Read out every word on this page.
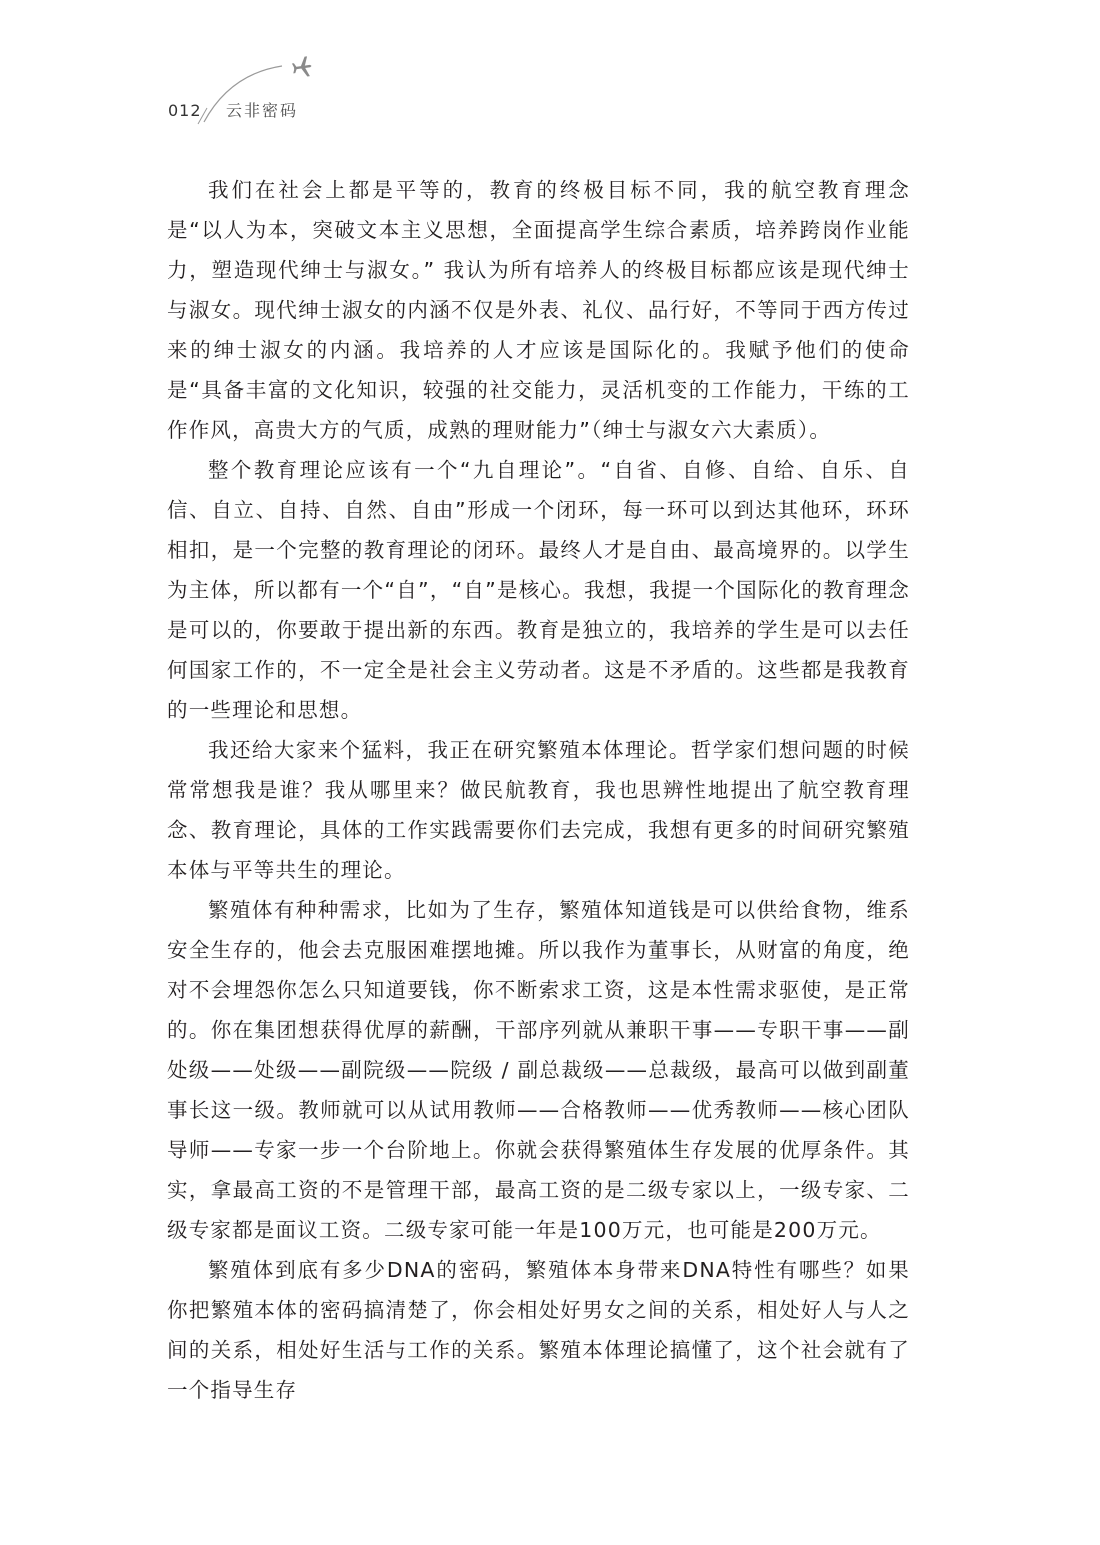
012 云非密码

我们在社会上都是平等的，教育的终极目标不同，我的航空教育理念是“以人为本，突破文本主义思想，全面提高学生综合素质，培养跨岗作业能力，塑造现代绅士与淑女。” 我认为所有培养人的终极目标都应该是现代绅士与淑女。现代绅士淑女的内涵不仅是外表、礼仪、品行好，不等同于西方传过来的绅士淑女的内涵。我培养的人才应该是国际化的。我赋予他们的使命是“具备丰富的文化知识，较强的社交能力，灵活机变的工作能力，干练的工作作风，高贵大方的气质，成熟的理财能力”（绅士与淑女六大素质）。

整个教育理论应该有一个“九自理论”。“自省、自修、自给、自乐、自信、自立、自持、自然、自由”形成一个闭环，每一环可以到达其他环，环环相扣，是一个完整的教育理论的闭环。最终人才是自由、最高境界的。以学生为主体，所以都有一个“自”，“自”是核心。我想，我提一个国际化的教育理念是可以的，你要敢于提出新的东西。教育是独立的，我培养的学生是可以去任何国家工作的，不一定全是社会主义劳动者。这是不矛盾的。这些都是我教育的一些理论和思想。

我还给大家来个猛料，我正在研究繁殖本体理论。哲学家们想问题的时候常常想我是谁？我从哪里来？做民航教育，我也思辨性地提出了航空教育理念、教育理论，具体的工作实践需要你们去完成，我想有更多的时间研究繁殖本体与平等共生的理论。

繁殖体有种种需求，比如为了生存，繁殖体知道钱是可以供给食物，维系安全生存的，他会去克服困难摆地摊。所以我作为董事长，从财富的角度，绝对不会埋怨你怎么只知道要钱，你不断索求工资，这是本性需求驱使，是正常的。你在集团想获得优厚的薪酬，干部序列就从兼职干事——专职干事——副处级——处级——副院级——院级 / 副总裁级——总裁级，最高可以做到副董事长这一级。教师就可以从试用教师——合格教师——优秀教师——核心团队导师——专家一步一个台阶地上。你就会获得繁殖体生存发展的优厚条件。其实，拿最高工资的不是管理干部，最高工资的是二级专家以上，一级专家、二级专家都是面议工资。二级专家可能一年是100万元，也可能是200万元。

繁殖体到底有多少DNA的密码，繁殖体本身带来DNA特性有哪些？如果你把繁殖本体的密码搞清楚了，你会相处好男女之间的关系，相处好人与人之间的关系，相处好生活与工作的关系。繁殖本体理论搞懂了，这个社会就有了一个指导生存
